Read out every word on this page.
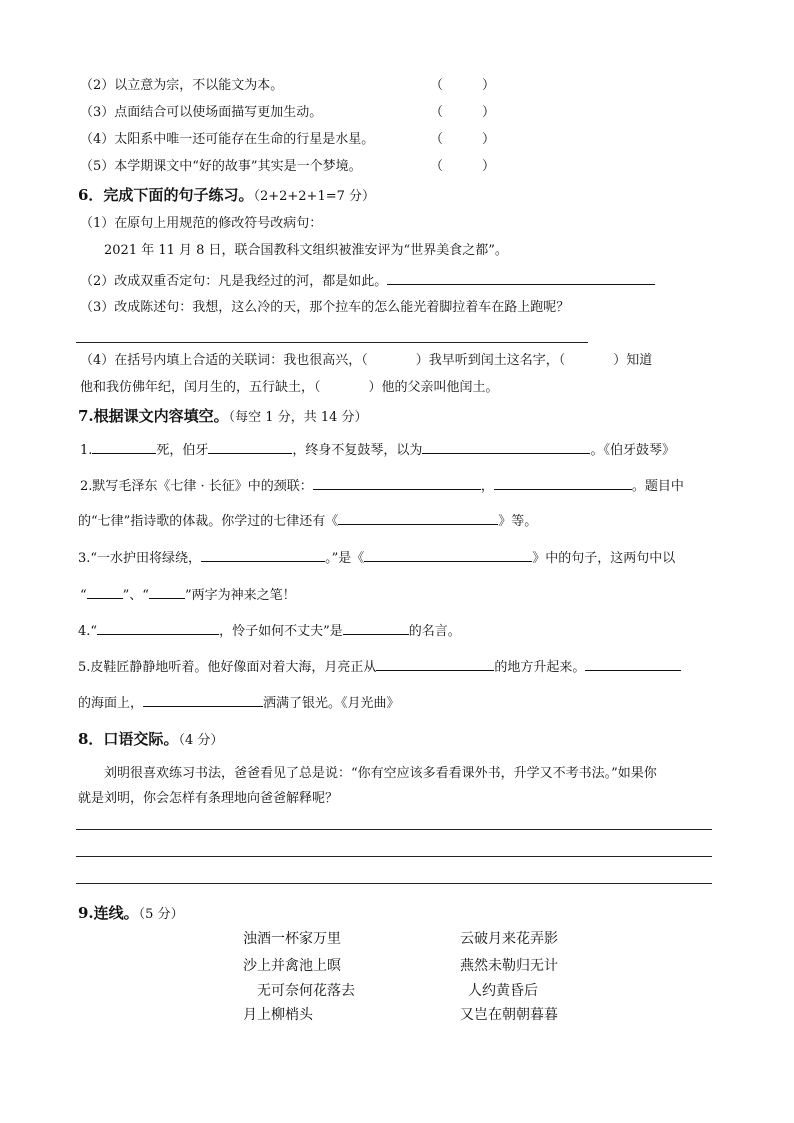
（2）以立意为宗，不以能文为本。	（　　　）
（3）点面结合可以使场面描写更加生动。	（　　　）
（4）太阳系中唯一还可能存在生命的行星是水星。	（　　　）
（5）本学期课文中“好的故事”其实是一个梦境。	（　　　）
6．完成下面的句子练习。（2+2+2+1=7 分）
（1）在原句上用规范的修改符号改病句：
2021 年 11 月 8 日，联合国教科文组织被淮安评为“世界美食之都”。
（2）改成双重否定句：凡是我经过的河，都是如此。
（3）改成陈述句：我想，这么冷的天，那个拉车的怎么能光着脚拉着车在路上跑呢？
（4）在括号内填上合适的关联词：我也很高兴，（	）我早听到闰土这名字，（	）知道
他和我仿佛年纪，闰月生的，五行缺土，（	）他的父亲叫他闰土。
7.根据课文内容填空。（每空 1 分，共 14 分）
1.	死，伯牙	，终身不复鼓琴，以为	。《伯牙鼓琴》
2.默写毛泽东《七律 · 长征》中的颈联：	，	。题目中
的“七律”指诗歌的体裁。你学过的七律还有《	》等。
3.“一水护田将绿绕，	。”是《	》中的句子，这两句中以
“	”、“	”两字为神来之笔！
4.“	，怜子如何不丈夫”是	的名言。
5.皮鞋匠静静地听着。他好像面对着大海，月亮正从	的地方升起来。
的海面上，	洒满了银光。《月光曲》
8．口语交际。（4 分）
刘明很喜欢练习书法，爸爸看见了总是说：“你有空应该多看看课外书，升学又不考书法。”如果你
就是刘明，你会怎样有条理地向爸爸解释呢？
9.连线。（5 分）
浊酒一杯家万里
沙上并禽池上暝
无可奈何花落去
月上柳梢头
云破月来花弄影
燕然未勒归无计
人约黄昏后
又岂在朝朝暮暮
